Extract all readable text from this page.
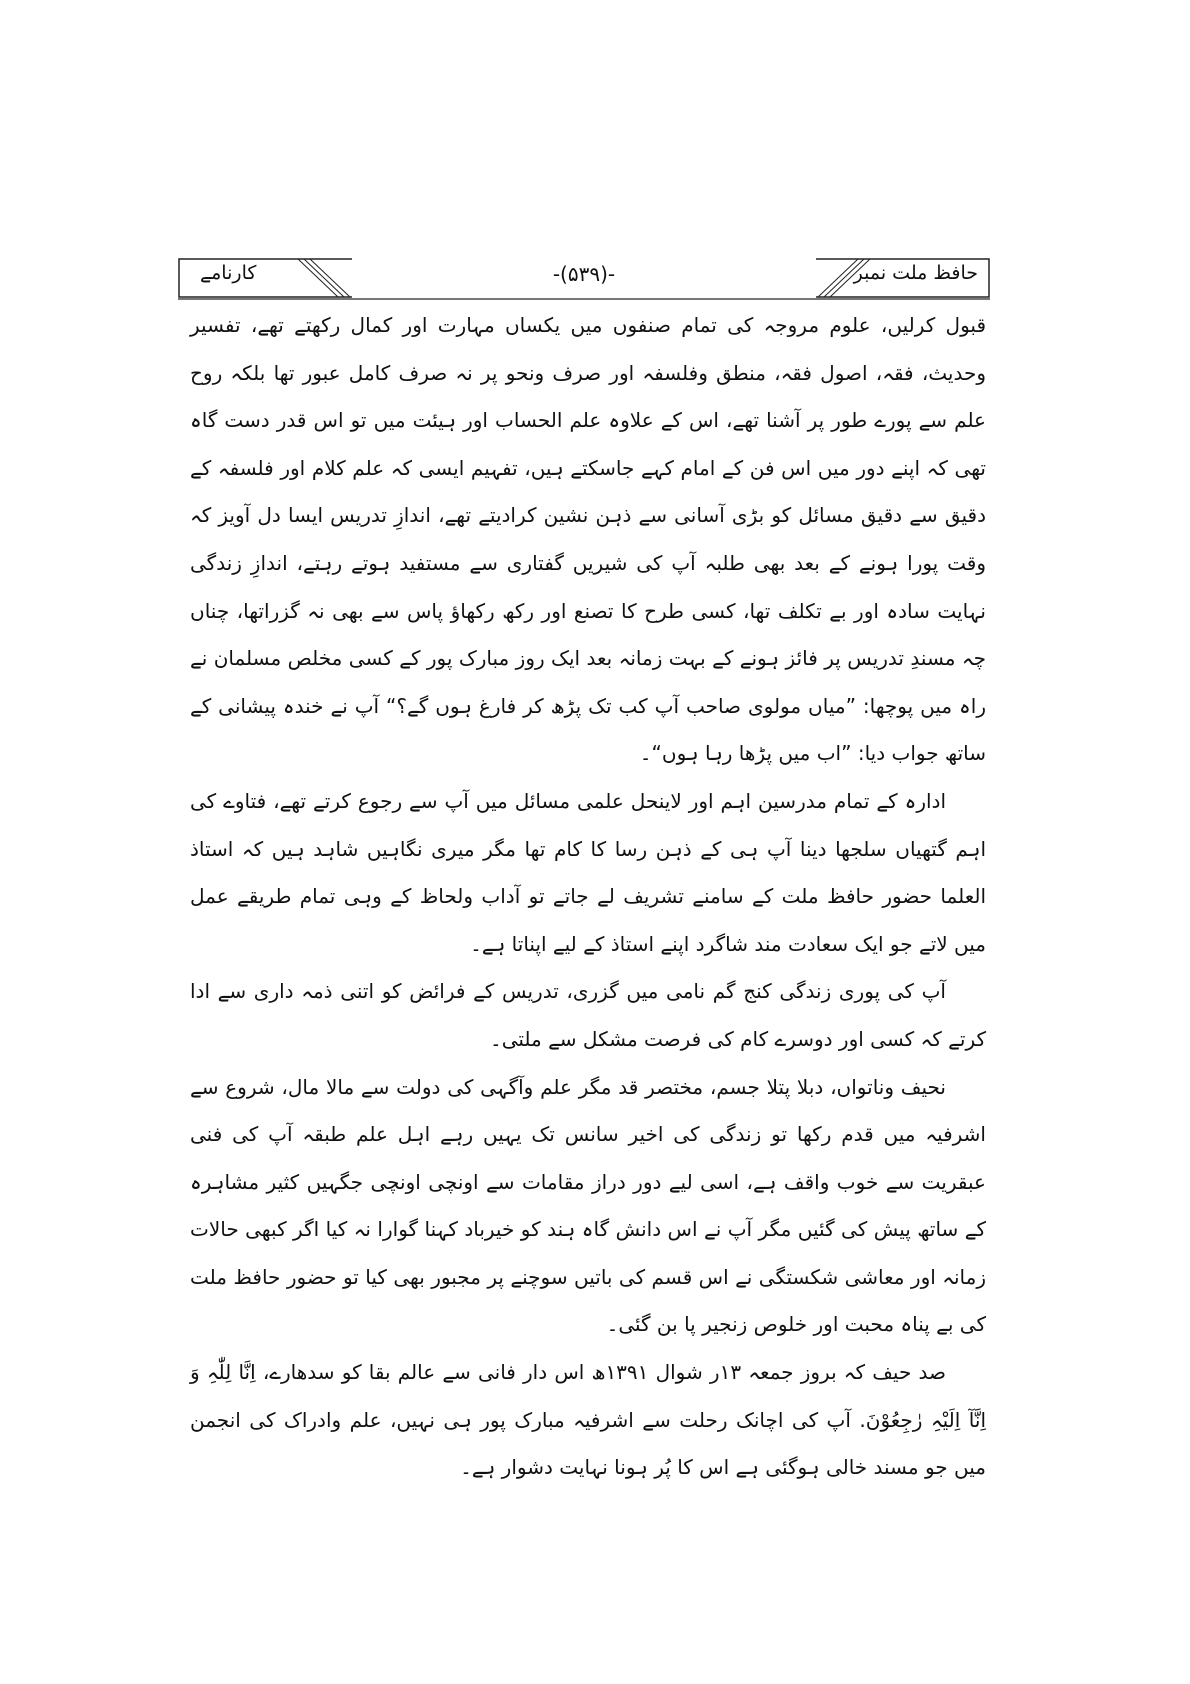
حافظ ملت نمبر
-(۵۳۹)-
کارنامے

قبول کرلیں، علوم مروجہ کی تمام صنفوں میں یکساں مہارت اور کمال رکھتے تھے، تفسیر وحدیث، فقہ، اصول فقہ، منطق وفلسفہ اور صرف ونحو پر نہ صرف کامل عبور تھا بلکہ روح علم سے پورے طور پر آشنا تھے، اس کے علاوہ علم الحساب اور ہیئت میں تو اس قدر دست گاہ تھی کہ اپنے دور میں اس فن کے امام کہے جاسکتے ہیں، تفہیم ایسی کہ علم کلام اور فلسفہ کے دقیق سے دقیق مسائل کو بڑی آسانی سے ذہن نشین کرادیتے تھے، اندازِ تدریس ایسا دل آویز کہ وقت پورا ہونے کے بعد بھی طلبہ آپ کی شیریں گفتاری سے مستفید ہوتے رہتے، اندازِ زندگی نہایت سادہ اور بے تکلف تھا، کسی طرح کا تصنع اور رکھ رکھاؤ پاس سے بھی نہ گزراتھا، چناں چہ مسندِ تدریس پر فائز ہونے کے بہت زمانہ بعد ایک روز مبارک پور کے کسی مخلص مسلمان نے راہ میں پوچھا: ”میاں مولوی صاحب آپ کب تک پڑھ کر فارغ ہوں گے؟“ آپ نے خندہ پیشانی کے ساتھ جواب دیا: ”اب میں پڑھا رہا ہوں“۔

ادارہ کے تمام مدرسین اہم اور لاینحل علمی مسائل میں آپ سے رجوع کرتے تھے، فتاوے کی اہم گتھیاں سلجھا دینا آپ ہی کے ذہن رسا کا کام تھا مگر میری نگاہیں شاہد ہیں کہ استاذ العلما حضور حافظ ملت کے سامنے تشریف لے جاتے تو آداب ولحاظ کے وہی تمام طریقے عمل میں لاتے جو ایک سعادت مند شاگرد اپنے استاذ کے لیے اپناتا ہے۔

آپ کی پوری زندگی کنج گم نامی میں گزری، تدریس کے فرائض کو اتنی ذمہ داری سے ادا کرتے کہ کسی اور دوسرے کام کی فرصت مشکل سے ملتی۔

نحیف وناتواں، دبلا پتلا جسم، مختصر قد مگر علم وآگہی کی دولت سے مالا مال، شروع سے اشرفیہ میں قدم رکھا تو زندگی کی اخیر سانس تک یہیں رہے اہل علم طبقہ آپ کی فنی عبقریت سے خوب واقف ہے، اسی لیے دور دراز مقامات سے اونچی اونچی جگہیں کثیر مشاہرہ کے ساتھ پیش کی گئیں مگر آپ نے اس دانش گاہ ہند کو خیرباد کہنا گوارا نہ کیا اگر کبھی حالات زمانہ اور معاشی شکستگی نے اس قسم کی باتیں سوچنے پر مجبور بھی کیا تو حضور حافظ ملت کی بے پناہ محبت اور خلوص زنجیر پا بن گئی۔

صد حیف کہ بروز جمعہ ۱۳ر شوال ۱۳۹۱ھ اس دار فانی سے عالم بقا کو سدھارے، اِنَّا لِلّٰہِ وَ اِنَّآ اِلَیْہِ رٰجِعُوْنَ. آپ کی اچانک رحلت سے اشرفیہ مبارک پور ہی نہیں، علم وادراک کی انجمن میں جو مسند خالی ہوگئی ہے اس کا پُر ہونا نہایت دشوار ہے۔
